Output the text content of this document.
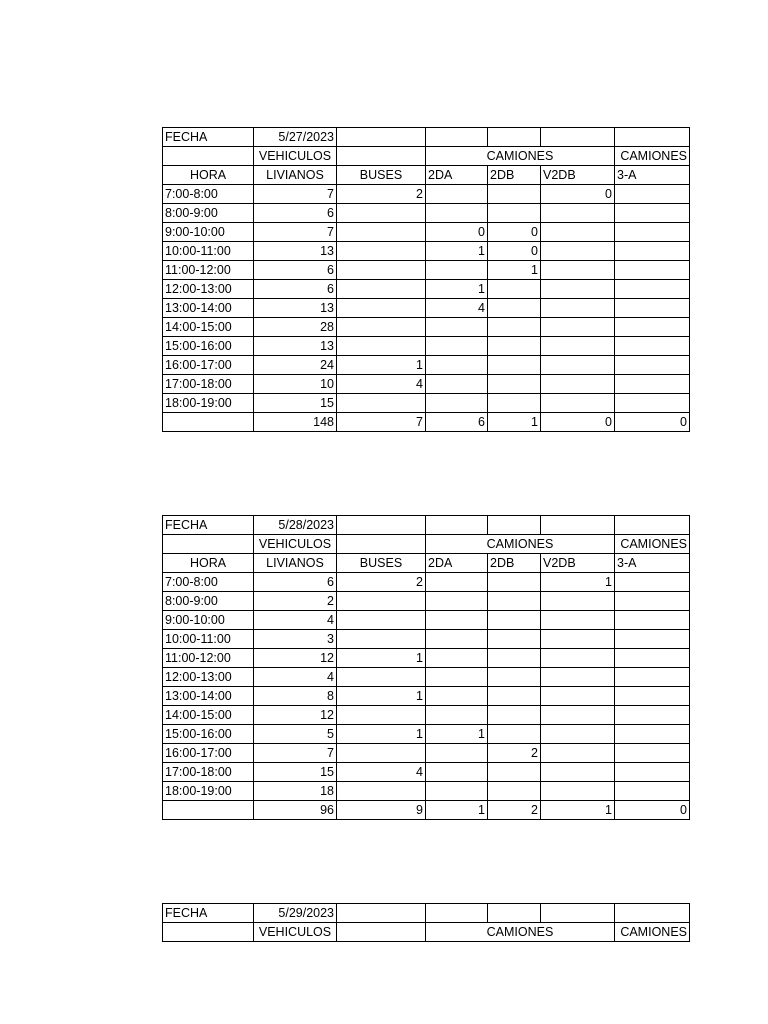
FECHA	5/27/2023					
	VEHICULOS		CAMIONES			CAMIONES
HORA	LIVIANOS	BUSES	2DA	2DB	V2DB	3-A
7:00-8:00	7	2			0	
8:00-9:00	6					
9:00-10:00	7		0	0		
10:00-11:00	13		1	0		
11:00-12:00	6			1		
12:00-13:00	6		1			
13:00-14:00	13		4			
14:00-15:00	28					
15:00-16:00	13					
16:00-17:00	24	1				
17:00-18:00	10	4				
18:00-19:00	15					
	148	7	6	1	0	0
FECHA	5/28/2023					
	VEHICULOS		CAMIONES			CAMIONES
HORA	LIVIANOS	BUSES	2DA	2DB	V2DB	3-A
7:00-8:00	6	2			1	
8:00-9:00	2					
9:00-10:00	4					
10:00-11:00	3					
11:00-12:00	12	1				
12:00-13:00	4					
13:00-14:00	8	1				
14:00-15:00	12					
15:00-16:00	5	1	1			
16:00-17:00	7			2		
17:00-18:00	15	4				
18:00-19:00	18					
	96	9	1	2	1	0
FECHA	5/29/2023					
	VEHICULOS		CAMIONES			CAMIONES
